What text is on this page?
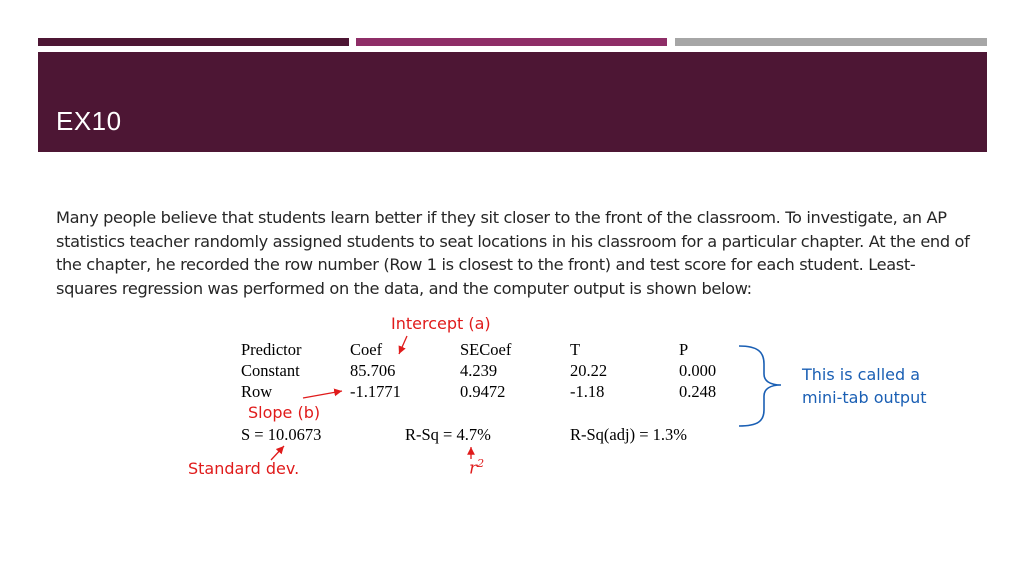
EX10
Many people believe that students learn better if they sit closer to the front of the classroom. To investigate, an AP statistics teacher randomly assigned students to seat locations in his classroom for a particular chapter. At the end of the chapter, he recorded the row number (Row 1 is closest to the front) and test score for each student. Least-squares regression was performed on the data, and the computer output is shown below:
Predictor	Coef	SECoef	T	P
Constant	85.706	4.239	20.22	0.000
Row	-1.1771	0.9472	-1.18	0.248
S = 10.0673	R-Sq = 4.7%	R-Sq(adj) = 1.3%
Intercept (a)
Slope (b)
Standard dev.	$r^2$
This is called a
mini-tab output
